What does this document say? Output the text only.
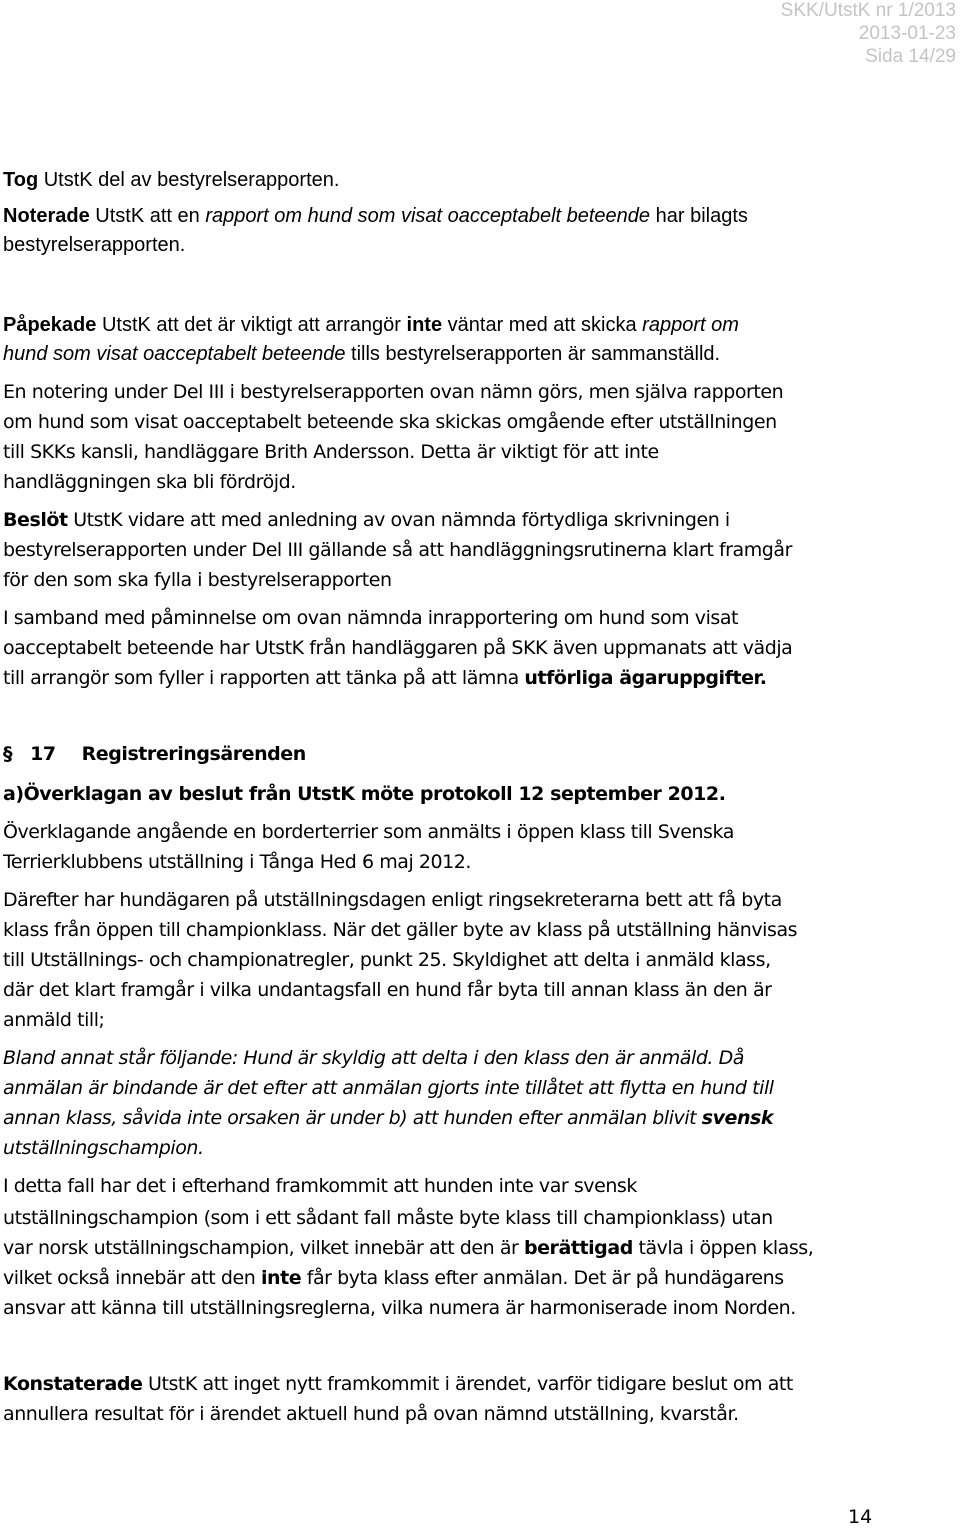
SKK/UtstK nr 1/2013
2013-01-23
Sida 14/29
Tog UtstK del av bestyrelserapporten.
Noterade UtstK att en rapport om hund som visat oacceptabelt beteende har bilagts
bestyrelserapporten.
Påpekade UtstK att det är viktigt att arrangör inte väntar med att skicka rapport om
hund som visat oacceptabelt beteende tills bestyrelserapporten är sammanställd.
En notering under Del III i bestyrelserapporten ovan nämn görs, men själva rapporten
om hund som visat oacceptabelt beteende ska skickas omgående efter utställningen
till SKKs kansli, handläggare Brith Andersson. Detta är viktigt för att inte
handläggningen ska bli fördröjd.
Beslöt UtstK vidare att med anledning av ovan nämnda förtydliga skrivningen i
bestyrelserapporten under Del III gällande så att handläggningsrutinerna klart framgår
för den som ska fylla i bestyrelserapporten
I samband med påminnelse om ovan nämnda inrapportering om hund som visat
oacceptabelt beteende har UtstK från handläggaren på SKK även uppmanats att vädja
till arrangör som fyller i rapporten att tänka på att lämna utförliga ägaruppgifter.
§ 17 Registreringsärenden
a)Överklagan av beslut från UtstK möte protokoll 12 september 2012.
Överklagande angående en borderterrier som anmälts i öppen klass till Svenska
Terrierklubbens utställning i Tånga Hed 6 maj 2012.
Därefter har hundägaren på utställningsdagen enligt ringsekreterarna bett att få byta
klass från öppen till championklass. När det gäller byte av klass på utställning hänvisas
till Utställnings- och championatregler, punkt 25. Skyldighet att delta i anmäld klass,
där det klart framgår i vilka undantagsfall en hund får byta till annan klass än den är
anmäld till;
Bland annat står följande: Hund är skyldig att delta i den klass den är anmäld. Då
anmälan är bindande är det efter att anmälan gjorts inte tillåtet att flytta en hund till
annan klass, såvida inte orsaken är under b) att hunden efter anmälan blivit svensk
utställningschampion.
I detta fall har det i efterhand framkommit att hunden inte var svensk
utställningschampion (som i ett sådant fall måste byte klass till championklass) utan
var norsk utställningschampion, vilket innebär att den är berättigad tävla i öppen klass,
vilket också innebär att den inte får byta klass efter anmälan. Det är på hundägarens
ansvar att känna till utställningsreglerna, vilka numera är harmoniserade inom Norden.
Konstaterade UtstK att inget nytt framkommit i ärendet, varför tidigare beslut om att
annullera resultat för i ärendet aktuell hund på ovan nämnd utställning, kvarstår.
14
